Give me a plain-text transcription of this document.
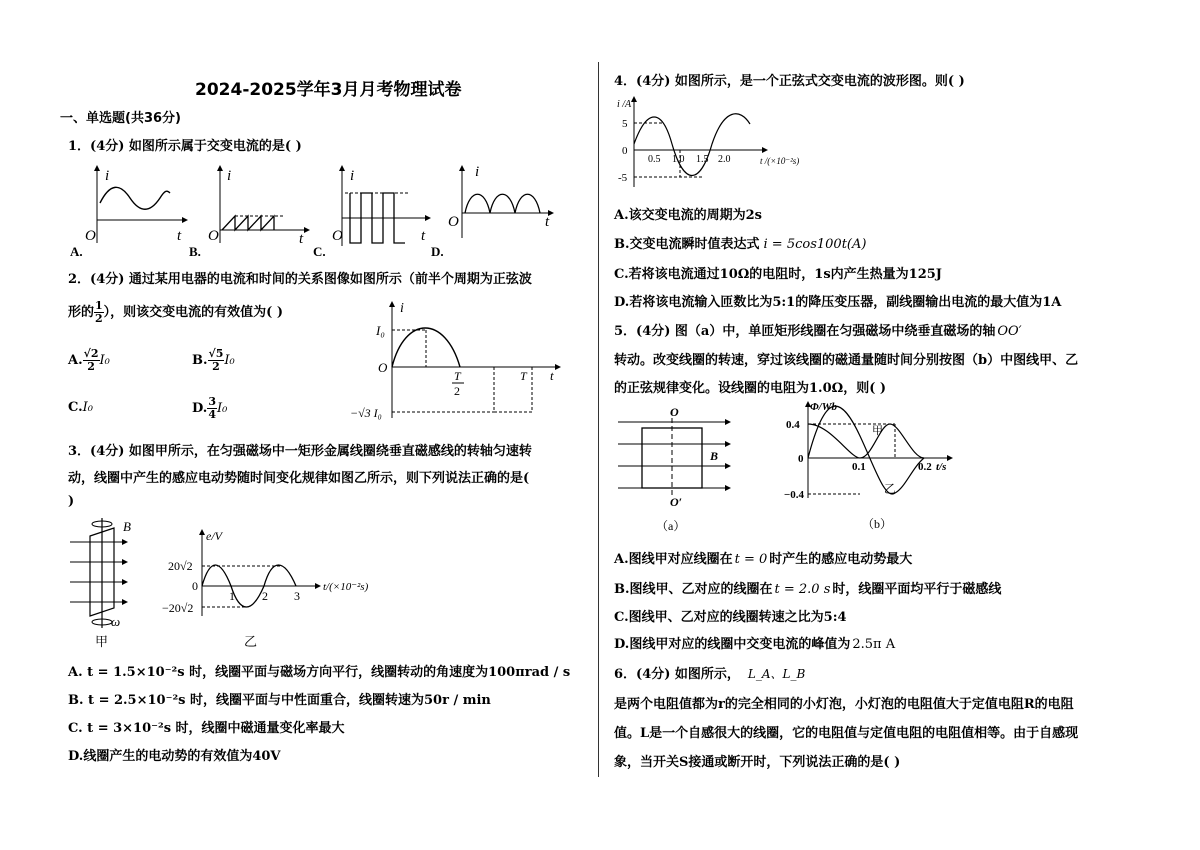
2024-2025学年3月月考物理试卷
一、单选题(共36分)
1．(4分) 如图所示属于交变电流的是( )
i
O	t
A.
i
O	t
B.
i
O	t
C.
i
O	t
D.
2．(4分) 通过某用电器的电流和时间的关系图像如图所示（前半个周期为正弦波
形的 $\frac{1}{2}$ ），则该交变电流的有效值为( )
A. $\frac{√2}{2} I_0$	B. $\frac{√5}{2} I_0$
C.I₀	D. $\frac{3}{4} I_0$
i
I₀
O
−√3 I₀
T
2
T t
3．(4分) 如图甲所示，在匀强磁场中一矩形金属线圈绕垂直磁感线的转轴匀速转
动，线圈中产生的感应电动势随时间变化规律如图乙所示，则下列说法正确的是(
)
B
ω
甲
e/V
20√2
0
−20√2
1 2 3
t/(×10⁻²s)
乙
A. t = 1.5×10⁻²s 时，线圈平面与磁场方向平行，线圈转动的角速度为100πrad / s
B. t = 2.5×10⁻²s 时，线圈平面与中性面重合，线圈转速为50r / min
C. t = 3×10⁻²s 时，线圈中磁通量变化率最大
D.线圈产生的电动势的有效值为40V
4．(4分) 如图所示，是一个正弦式交变电流的波形图。则( )
i /A
5
0
-5
0.5 1.0 1.5 2.0	t /(×10⁻²s)
A.该交变电流的周期为2s
B.交变电流瞬时值表达式 i = 5cos100t(A)
C.若将该电流通过10Ω的电阻时，1s内产生热量为125J
D.若将该电流输入匝数比为5:1的降压变压器，副线圈输出电流的最大值为1A
5．(4分) 图（a）中，单匝矩形线圈在匀强磁场中绕垂直磁场的轴 OO′
转动。改变线圈的转速，穿过该线圈的磁通量随时间分别按图（b）中图线甲、乙
的正弦规律变化。设线圈的电阻为1.0Ω，则( )
O
O′
B
（a）
Φ/Wb
0.4
0
−0.4
0.1	0.2 t/s
甲
乙
（b）
A.图线甲对应线圈在 t = 0 时产生的感应电动势最大
B.图线甲、乙对应的线圈在 t = 2.0 s 时，线圈平面均平行于磁感线
C.图线甲、乙对应的线圈转速之比为5:4
D.图线甲对应的线圈中交变电流的峰值为 2.5π A
6．(4分) 如图所示， L_A、L_B
是两个电阻值都为r的完全相同的小灯泡，小灯泡的电阻值大于定值电阻R的电阻
值。L是一个自感很大的线圈，它的电阻值与定值电阻的电阻值相等。由于自感现
象，当开关S接通或断开时，下列说法正确的是( )
